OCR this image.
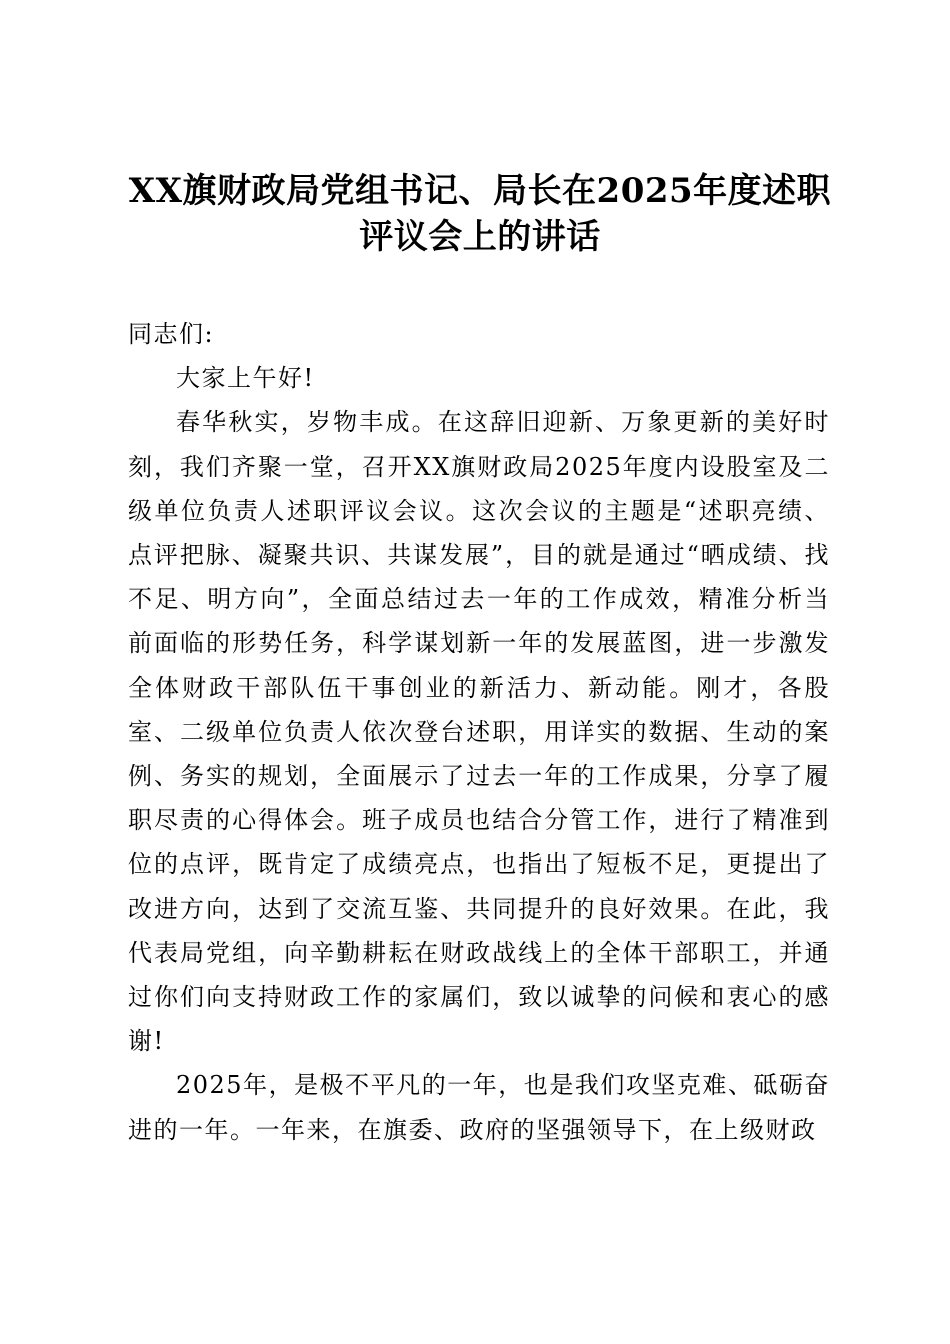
XX旗财政局党组书记、局长在2025年度述职
评议会上的讲话

同志们:

大家上午好!

春华秋实，岁物丰成。在这辞旧迎新、万象更新的美好时刻，我们齐聚一堂，召开XX旗财政局2025年度内设股室及二级单位负责人述职评议会议。这次会议的主题是“述职亮绩、点评把脉、凝聚共识、共谋发展”，目的就是通过“晒成绩、找不足、明方向”，全面总结过去一年的工作成效，精准分析当前面临的形势任务，科学谋划新一年的发展蓝图，进一步激发全体财政干部队伍干事创业的新活力、新动能。刚才，各股室、二级单位负责人依次登台述职，用详实的数据、生动的案例、务实的规划，全面展示了过去一年的工作成果，分享了履职尽责的心得体会。班子成员也结合分管工作，进行了精准到位的点评，既肯定了成绩亮点，也指出了短板不足，更提出了改进方向，达到了交流互鉴、共同提升的良好效果。在此，我代表局党组，向辛勤耕耘在财政战线上的全体干部职工，并通过你们向支持财政工作的家属们，致以诚挚的问候和衷心的感谢!

2025年，是极不平凡的一年，也是我们攻坚克难、砥砺奋进的一年。一年来，在旗委、政府的坚强领导下，在上级财政
